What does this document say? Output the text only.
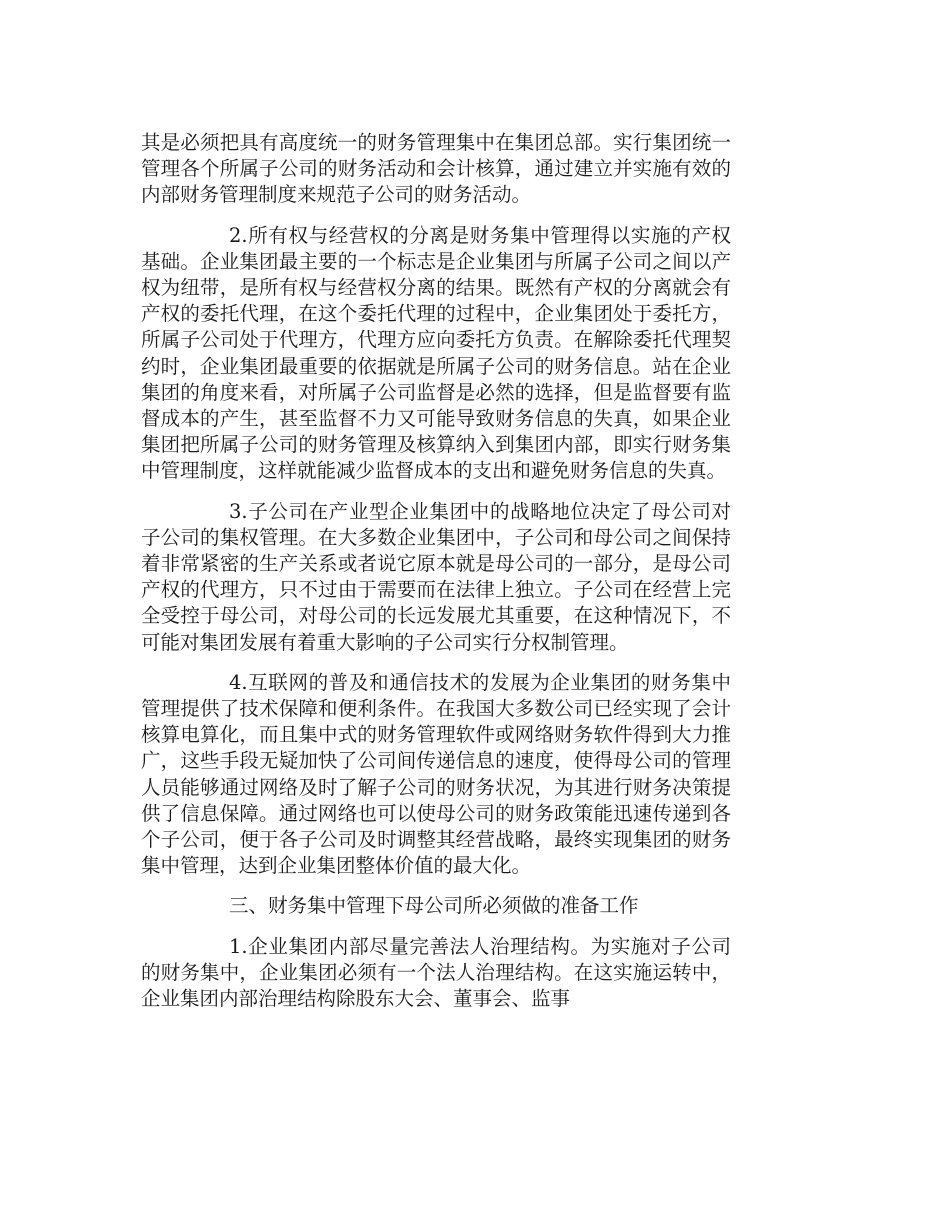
其是必须把具有高度统一的财务管理集中在集团总部。实行集团统一管理各个所属子公司的财务活动和会计核算，通过建立并实施有效的内部财务管理制度来规范子公司的财务活动。

2.所有权与经营权的分离是财务集中管理得以实施的产权基础。企业集团最主要的一个标志是企业集团与所属子公司之间以产权为纽带，是所有权与经营权分离的结果。既然有产权的分离就会有产权的委托代理，在这个委托代理的过程中，企业集团处于委托方，所属子公司处于代理方，代理方应向委托方负责。在解除委托代理契约时，企业集团最重要的依据就是所属子公司的财务信息。站在企业集团的角度来看，对所属子公司监督是必然的选择，但是监督要有监督成本的产生，甚至监督不力又可能导致财务信息的失真，如果企业集团把所属子公司的财务管理及核算纳入到集团内部，即实行财务集中管理制度，这样就能减少监督成本的支出和避免财务信息的失真。

3.子公司在产业型企业集团中的战略地位决定了母公司对子公司的集权管理。在大多数企业集团中，子公司和母公司之间保持着非常紧密的生产关系或者说它原本就是母公司的一部分，是母公司产权的代理方，只不过由于需要而在法律上独立。子公司在经营上完全受控于母公司，对母公司的长远发展尤其重要，在这种情况下，不可能对集团发展有着重大影响的子公司实行分权制管理。

4.互联网的普及和通信技术的发展为企业集团的财务集中管理提供了技术保障和便利条件。在我国大多数公司已经实现了会计核算电算化，而且集中式的财务管理软件或网络财务软件得到大力推广，这些手段无疑加快了公司间传递信息的速度，使得母公司的管理人员能够通过网络及时了解子公司的财务状况，为其进行财务决策提供了信息保障。通过网络也可以使母公司的财务政策能迅速传递到各个子公司，便于各子公司及时调整其经营战略，最终实现集团的财务集中管理，达到企业集团整体价值的最大化。

三、财务集中管理下母公司所必须做的准备工作

1.企业集团内部尽量完善法人治理结构。为实施对子公司的财务集中，企业集团必须有一个法人治理结构。在这实施运转中，企业集团内部治理结构除股东大会、董事会、监事
